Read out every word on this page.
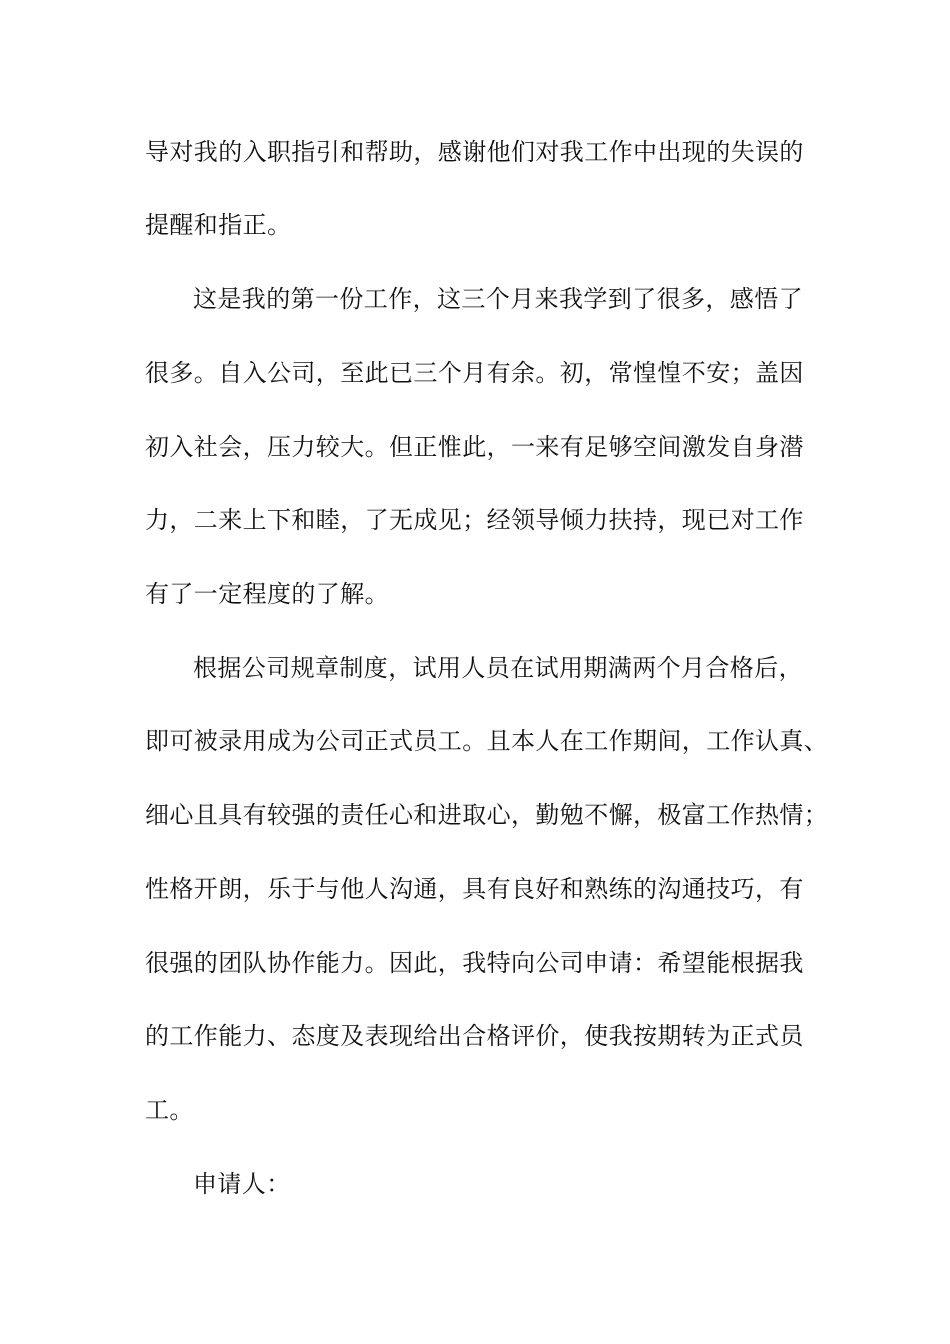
导对我的入职指引和帮助，感谢他们对我工作中出现的失误的
提醒和指正。
这是我的第一份工作，这三个月来我学到了很多，感悟了
很多。自入公司，至此已三个月有余。初，常惶惶不安；盖因
初入社会，压力较大。但正惟此，一来有足够空间激发自身潜
力，二来上下和睦，了无成见；经领导倾力扶持，现已对工作
有了一定程度的了解。
根据公司规章制度，试用人员在试用期满两个月合格后，
即可被录用成为公司正式员工。且本人在工作期间，工作认真、
细心且具有较强的责任心和进取心，勤勉不懈，极富工作热情；
性格开朗，乐于与他人沟通，具有良好和熟练的沟通技巧，有
很强的团队协作能力。因此，我特向公司申请：希望能根据我
的工作能力、态度及表现给出合格评价，使我按期转为正式员
工。
申请人：
